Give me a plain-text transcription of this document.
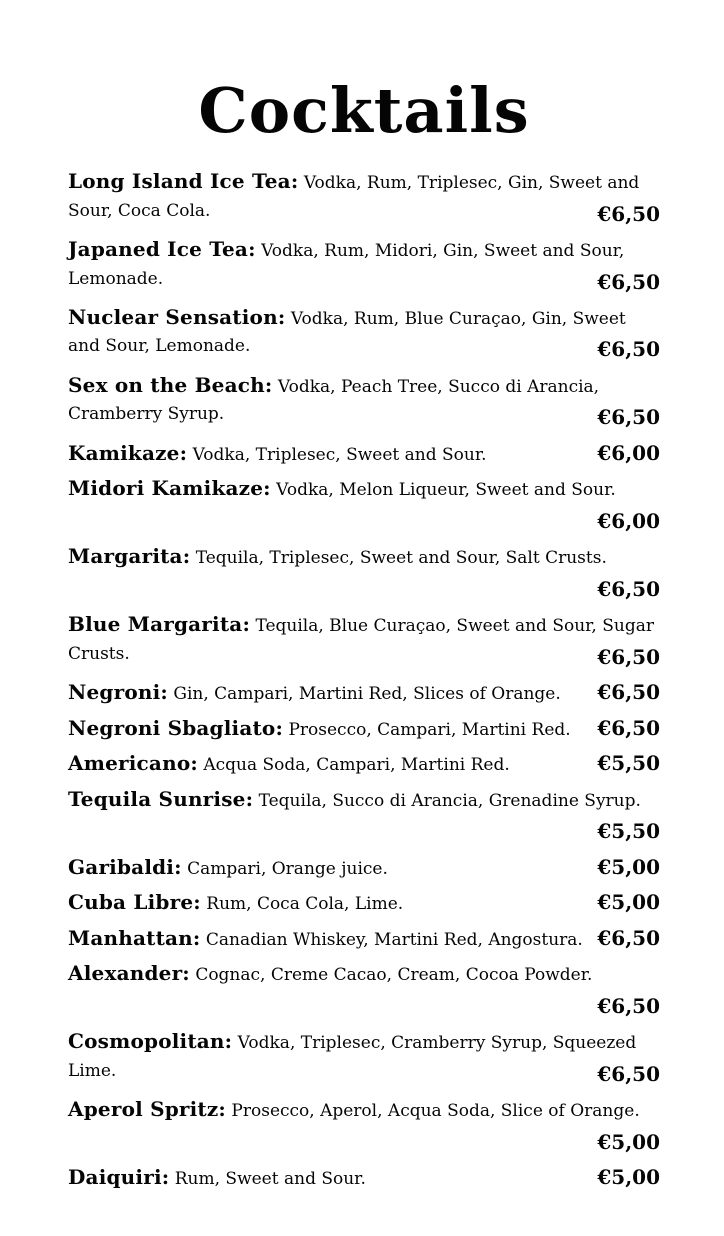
Cocktails

Long Island Ice Tea: Vodka, Rum, Triplesec, Gin, Sweet and Sour, Coca Cola.	€6,50

Japaned Ice Tea: Vodka, Rum, Midori, Gin, Sweet and Sour, Lemonade.	€6,50

Nuclear Sensation: Vodka, Rum, Blue Curaçao, Gin, Sweet and Sour, Lemonade.	€6,50

Sex on the Beach: Vodka, Peach Tree, Succo di Arancia, Cramberry Syrup.	€6,50

Kamikaze: Vodka, Triplesec, Sweet and Sour.	€6,00

Midori Kamikaze: Vodka, Melon Liqueur, Sweet and Sour.
€6,00

Margarita: Tequila, Triplesec, Sweet and Sour, Salt Crusts.
€6,50

Blue Margarita: Tequila, Blue Curaçao, Sweet and Sour, Sugar Crusts.	€6,50

Negroni: Gin, Campari, Martini Red, Slices of Orange. €6,50

Negroni Sbagliato: Prosecco, Campari, Martini Red. €6,50

Americano: Acqua Soda, Campari, Martini Red.	€5,50

Tequila Sunrise: Tequila, Succo di Arancia, Grenadine Syrup.
€5,50

Garibaldi: Campari, Orange juice.	€5,00

Cuba Libre: Rum, Coca Cola, Lime.	€5,00

Manhattan: Canadian Whiskey, Martini Red, Angostura. €6,50

Alexander: Cognac, Creme Cacao, Cream, Cocoa Powder.
€6,50

Cosmopolitan: Vodka, Triplesec, Cramberry Syrup, Squeezed Lime.	€6,50

Aperol Spritz: Prosecco, Aperol, Acqua Soda, Slice of Orange.
€5,00

Daiquiri: Rum, Sweet and Sour.	€5,00
